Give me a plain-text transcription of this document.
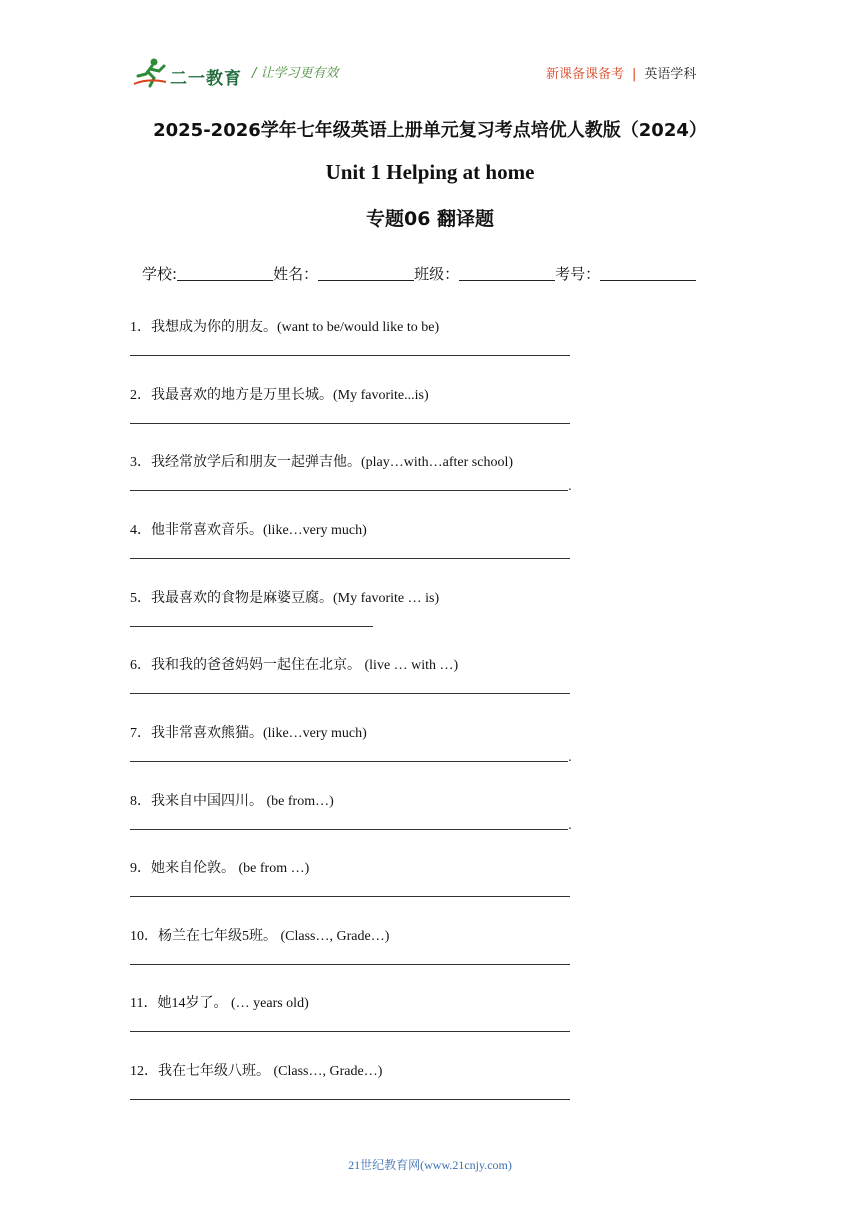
二一教育 / 让学习更有效	新课备课备考 | 英语学科
2025-2026学年七年级英语上册单元复习考点培优人教版（2024）
Unit 1 Helping at home
专题06 翻译题
学校:	姓名：	班级：	考号：
1．我想成为你的朋友。(want to be/would like to be)
2．我最喜欢的地方是万里长城。(My favorite...is)
3．我经常放学后和朋友一起弹吉他。(play…with…after school)
.
4．他非常喜欢音乐。(like…very much)
5．我最喜欢的食物是麻婆豆腐。(My favorite … is)
6．我和我的爸爸妈妈一起住在北京。 (live … with …)
7．我非常喜欢熊猫。(like…very much)
.
8．我来自中国四川。 (be from…)
.
9．她来自伦敦。 (be from …)
10．杨兰在七年级5班。 (Class…, Grade…)
11．她14岁了。 (… years old)
12．我在七年级八班。 (Class…, Grade…)
21世纪教育网(www.21cnjy.com)
